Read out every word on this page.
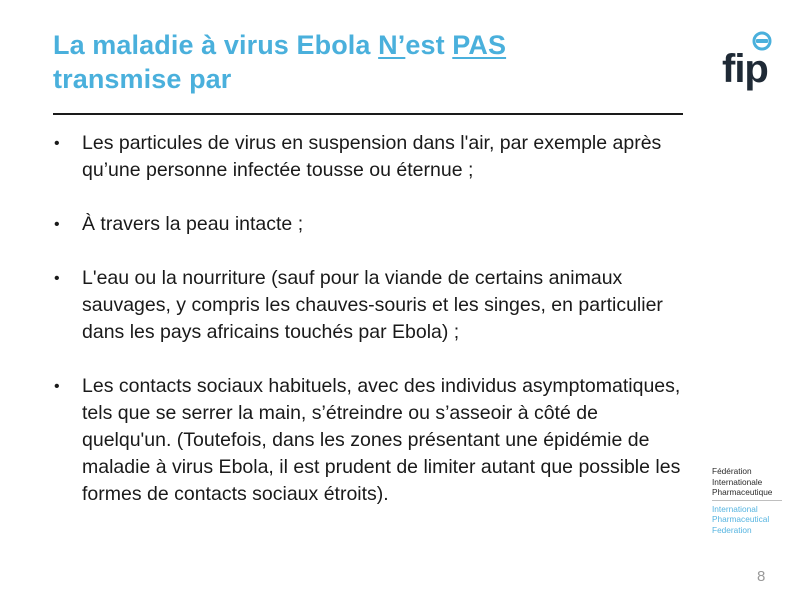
La maladie à virus Ebola N’est PAS
transmise par
• Les particules de virus en suspension dans l'air, par exemple après qu’une personne infectée tousse ou éternue ;
• À travers la peau intacte ;
• L'eau ou la nourriture (sauf pour la viande de certains animaux sauvages, y compris les chauves-souris et les singes, en particulier dans les pays africains touchés par Ebola) ;
• Les contacts sociaux habituels, avec des individus asymptomatiques, tels que se serrer la main, s’étreindre ou s’asseoir à côté de quelqu'un. (Toutefois, dans les zones présentant une épidémie de maladie à virus Ebola, il est prudent de limiter autant que possible les formes de contacts sociaux étroits).
fip
Fédération
Internationale
Pharmaceutique
International
Pharmaceutical
Federation
8
